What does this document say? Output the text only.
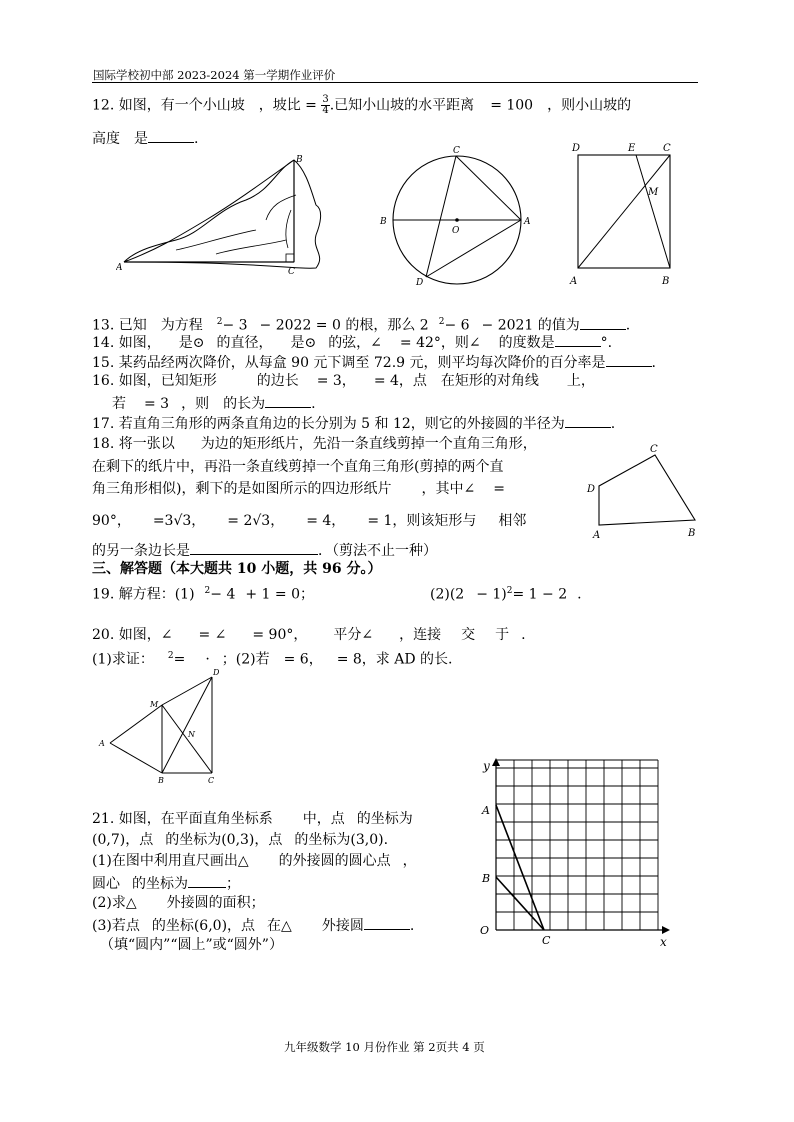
国际学校初中部 2023-2024 第一学期作业评价
12. 如图，有一个小山坡 ，坡比 = $\frac{3}{4}$ .已知小山坡的水平距离 = 100 ，则小山坡的
高度 是	.
A
B
C
C
B
O
A
D
D	E	C
M
A	B
13. 已知 为方程 $^2$− 3 − 2022 = 0 的根，那么 2 $^2$− 6 − 2021 的值为	.
14. 如图， 是⊙ 的直径， 是⊙ 的弦，∠ = 42°，则∠ 的度数是	°.
15. 某药品经两次降价，从每盒 90 元下调至 72.9 元，则平均每次降价的百分率是	.
16. 如图，已知矩形	的边长 = 3， = 4，点 在矩形的对角线 上，
若 = 3 ，则 的长为	.
17. 若直角三角形的两条直角边的长分别为 5 和 12，则它的外接圆的半径为	.
18. 将一张以 为边的矩形纸片，先沿一条直线剪掉一个直角三角形，
在剩下的纸片中，再沿一条直线剪掉一个直角三角形(剪掉的两个直
角三角形相似)，剩下的是如图所示的四边形纸片 ，其中∠ =
90°， =3√3， = 2√3， = 4， = 1，则该矩形与 相邻
的另一条边长是	．（剪法不止一种）
C
D
A	B
三、解答题（本大题共 10 小题，共 96 分。）
19. 解方程：(1) $^2$− 4 + 1 = 0；	$(2)(2 - 1)^2= 1 - 2$ .
20. 如图，∠ = ∠ = 90°， 平分∠ ，连接 交 于 .
(1)求证： $^2$= · ；(2)若 = 6， = 8，求 AD 的长.
D
M
N
A
B	C
y
A
B
O
C	x
21. 如图，在平面直角坐标系 中，点 的坐标为
(0,7)，点 的坐标为(0,3)，点 的坐标为(3,0).
(1)在图中利用直尺画出△ 的外接圆的圆心点 ，
圆心 的坐标为	；
(2)求△ 外接圆的面积；
(3)若点 的坐标(6,0)，点 在△ 外接圆	.
（填“圆内”“圆上”或“圆外”）
九年级数学 10 月份作业 第 2页共 4 页
